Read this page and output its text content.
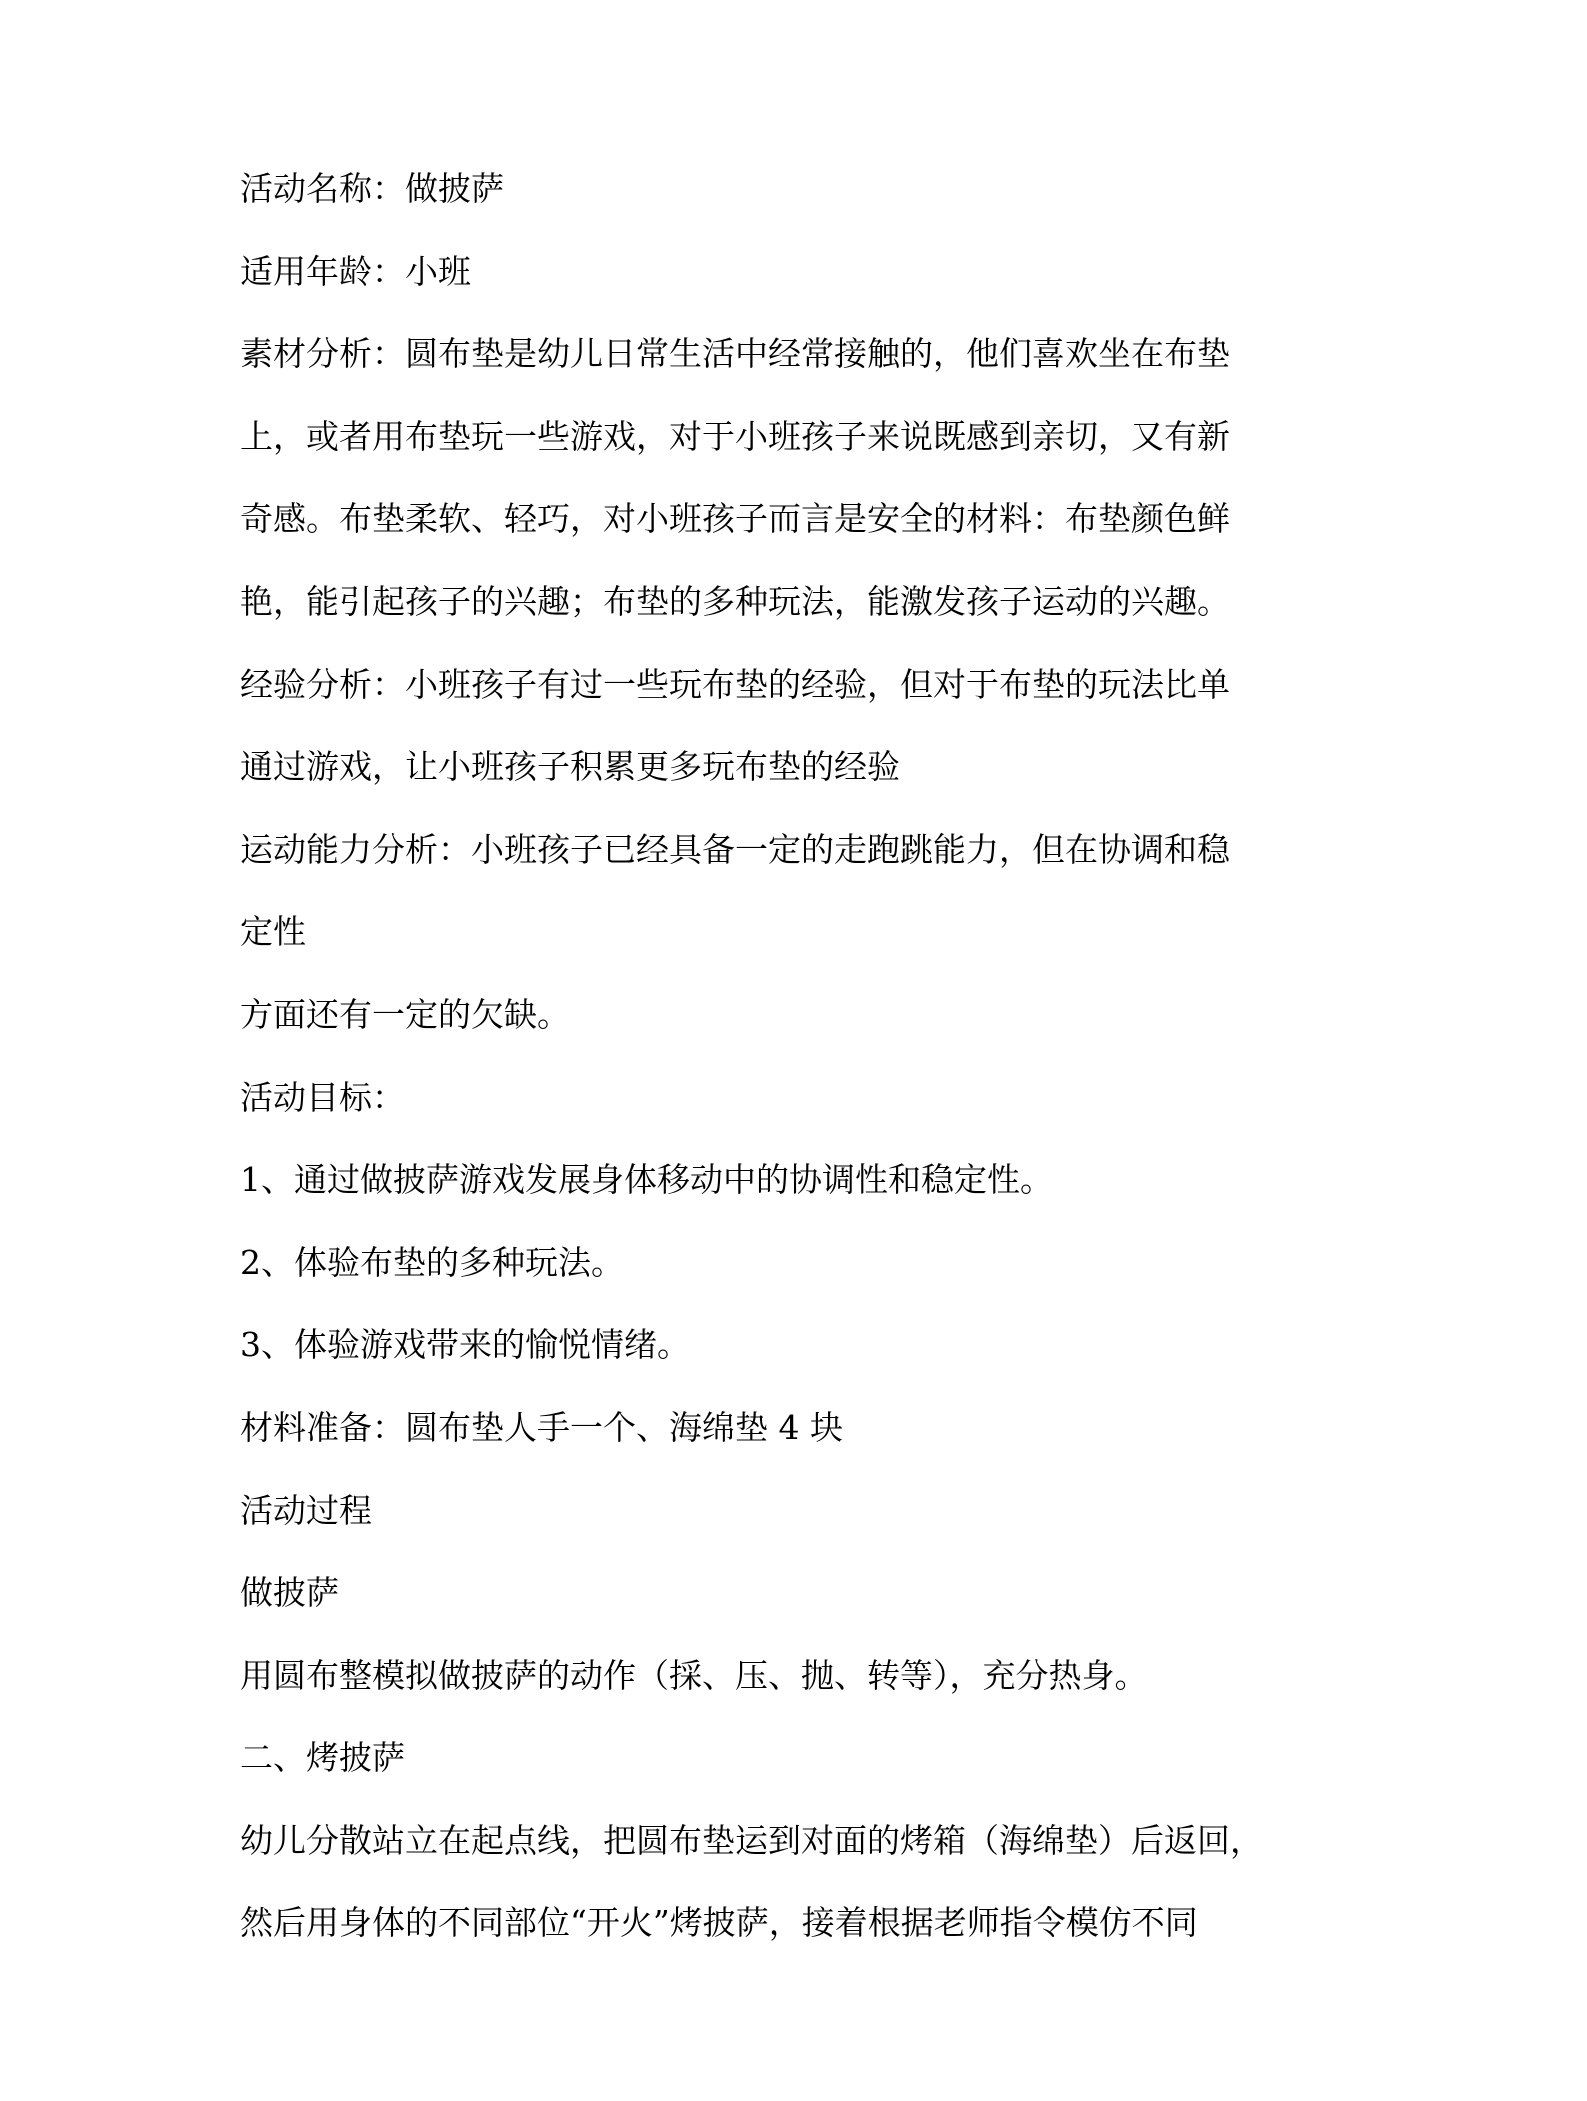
活动名称：做披萨

适用年龄：小班

素材分析：圆布垫是幼儿日常生活中经常接触的，他们喜欢坐在布垫

上，或者用布垫玩一些游戏，对于小班孩子来说既感到亲切，又有新

奇感。布垫柔软、轻巧，对小班孩子而言是安全的材料：布垫颜色鲜

艳，能引起孩子的兴趣；布垫的多种玩法，能激发孩子运动的兴趣。

经验分析：小班孩子有过一些玩布垫的经验，但对于布垫的玩法比单

通过游戏，让小班孩子积累更多玩布垫的经验

运动能力分析：小班孩子已经具备一定的走跑跳能力，但在协调和稳

定性

方面还有一定的欠缺。

活动目标：

1、通过做披萨游戏发展身体移动中的协调性和稳定性。

2、体验布垫的多种玩法。

3、体验游戏带来的愉悦情绪。

材料准备：圆布垫人手一个、海绵垫 4 块

活动过程

做披萨

用圆布整模拟做披萨的动作（採、压、抛、转等），充分热身。

二、烤披萨

幼儿分散站立在起点线，把圆布垫运到对面的烤箱（海绵垫）后返回，

然后用身体的不同部位“开火”烤披萨，接着根据老师指令模仿不同
